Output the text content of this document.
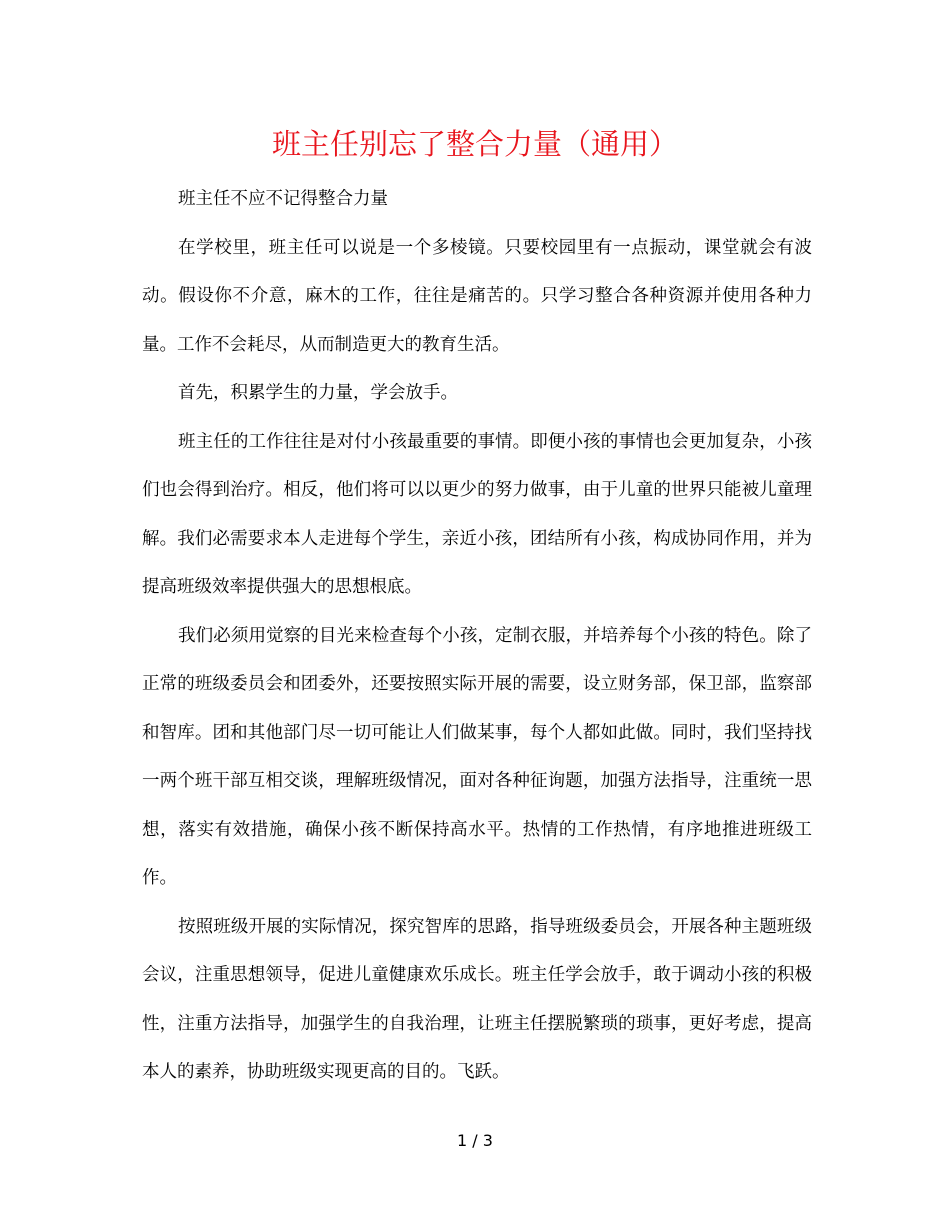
班主任别忘了整合力量（通用）

班主任不应不记得整合力量

在学校里，班主任可以说是一个多棱镜。只要校园里有一点振动，课堂就会有波动。假设你不介意，麻木的工作，往往是痛苦的。只学习整合各种资源并使用各种力量。工作不会耗尽，从而制造更大的教育生活。

首先，积累学生的力量，学会放手。

班主任的工作往往是对付小孩最重要的事情。即便小孩的事情也会更加复杂，小孩们也会得到治疗。相反，他们将可以以更少的努力做事，由于儿童的世界只能被儿童理解。我们必需要求本人走进每个学生，亲近小孩，团结所有小孩，构成协同作用，并为提高班级效率提供强大的思想根底。

我们必须用觉察的目光来检查每个小孩，定制衣服，并培养每个小孩的特色。除了正常的班级委员会和团委外，还要按照实际开展的需要，设立财务部，保卫部，监察部和智库。团和其他部门尽一切可能让人们做某事，每个人都如此做。同时，我们坚持找一两个班干部互相交谈，理解班级情况，面对各种征询题，加强方法指导，注重统一思想，落实有效措施，确保小孩不断保持高水平。热情的工作热情，有序地推进班级工作。

按照班级开展的实际情况，探究智库的思路，指导班级委员会，开展各种主题班级会议，注重思想领导，促进儿童健康欢乐成长。班主任学会放手，敢于调动小孩的积极性，注重方法指导，加强学生的自我治理，让班主任摆脱繁琐的琐事，更好考虑，提高本人的素养，协助班级实现更高的目的。飞跃。

1 / 3
